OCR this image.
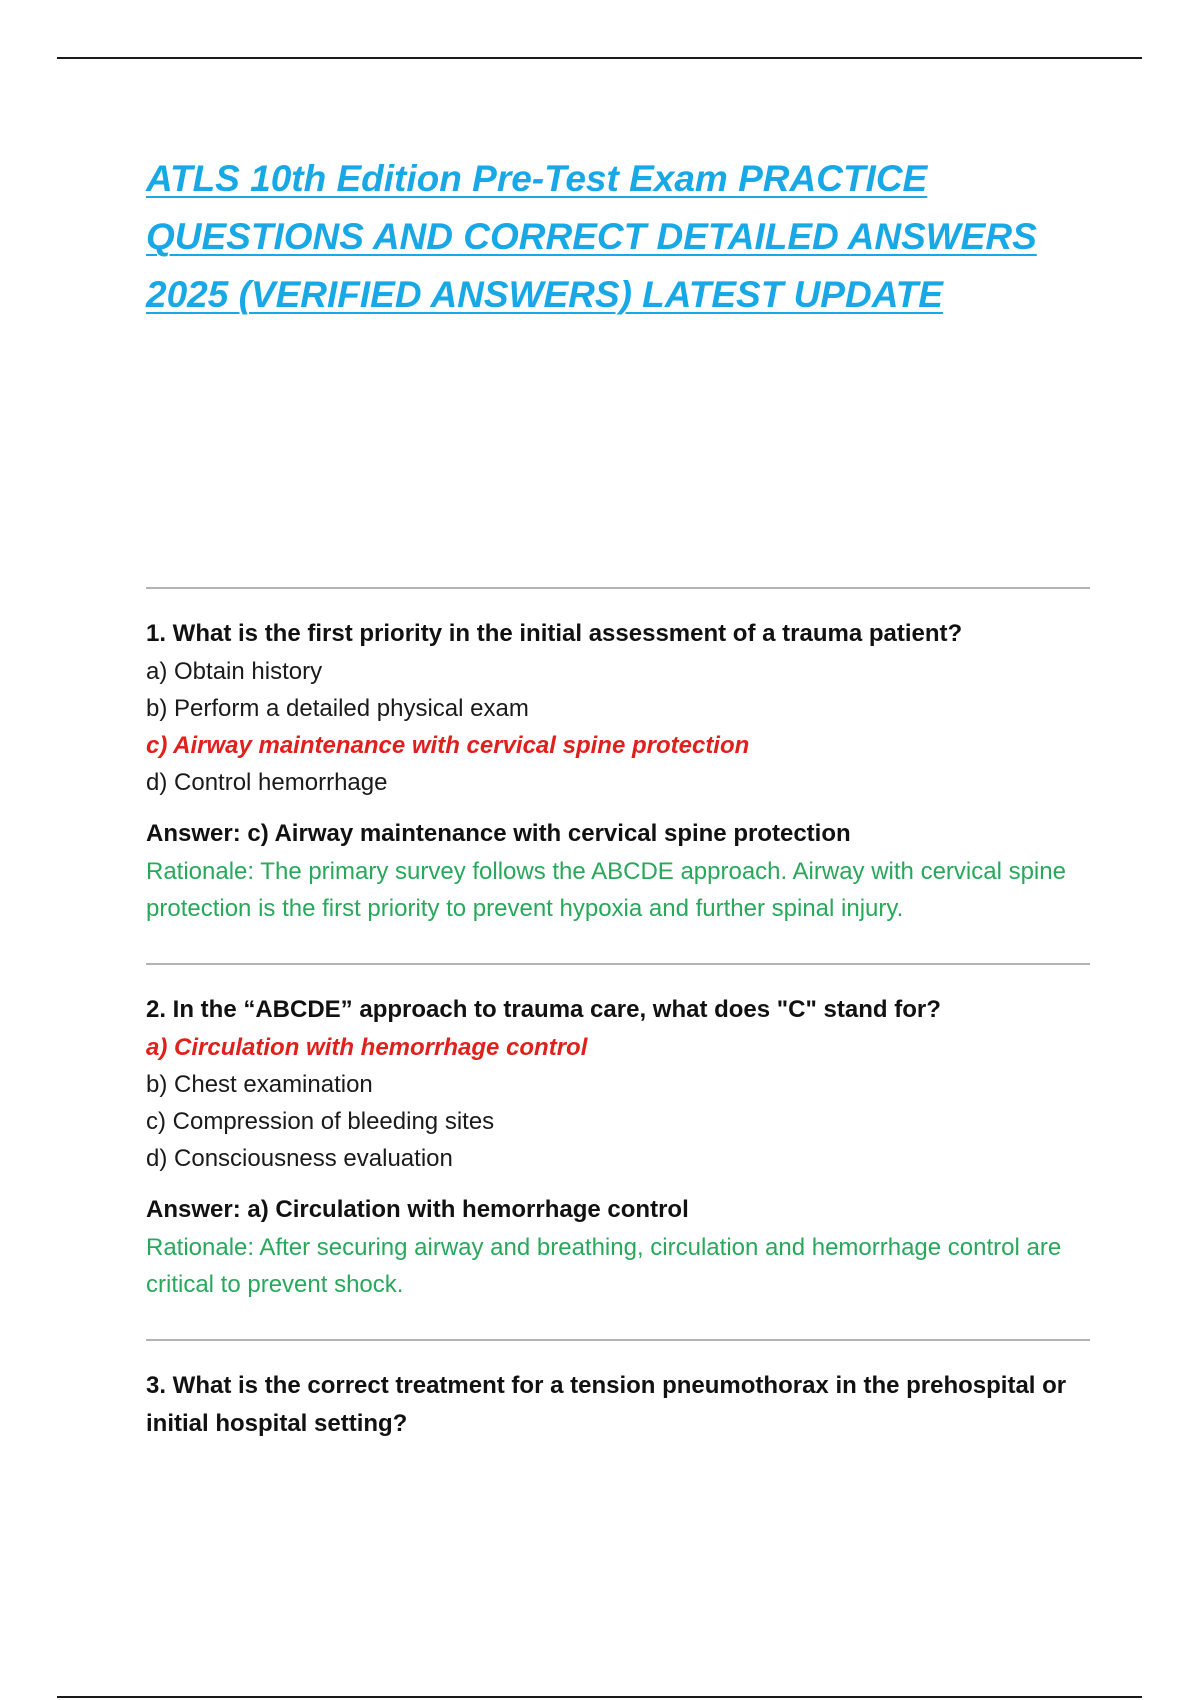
ATLS 10th Edition Pre-Test Exam PRACTICE
QUESTIONS AND CORRECT DETAILED ANSWERS
2025 (VERIFIED ANSWERS) LATEST UPDATE
1. What is the first priority in the initial assessment of a trauma patient?
a) Obtain history
b) Perform a detailed physical exam
c) Airway maintenance with cervical spine protection
d) Control hemorrhage
Answer: c) Airway maintenance with cervical spine protection
Rationale: The primary survey follows the ABCDE approach. Airway with cervical spine protection is the first priority to prevent hypoxia and further spinal injury.
2. In the “ABCDE” approach to trauma care, what does "C" stand for?
a) Circulation with hemorrhage control
b) Chest examination
c) Compression of bleeding sites
d) Consciousness evaluation
Answer: a) Circulation with hemorrhage control
Rationale: After securing airway and breathing, circulation and hemorrhage control are critical to prevent shock.
3. What is the correct treatment for a tension pneumothorax in the prehospital or initial hospital setting?
